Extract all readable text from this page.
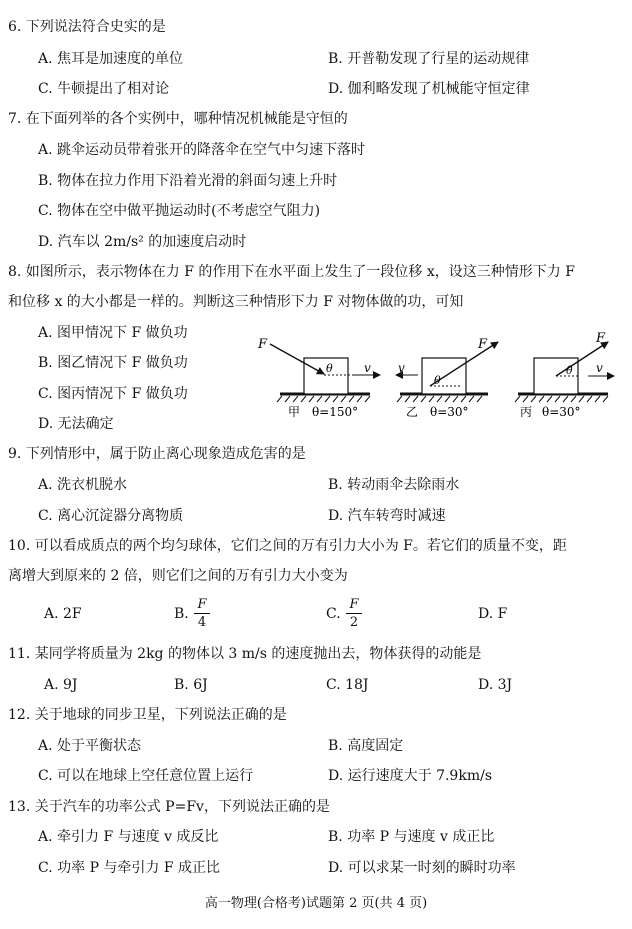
6. 下列说法符合史实的是
A. 焦耳是加速度的单位	B. 开普勒发现了行星的运动规律
C. 牛顿提出了相对论	D. 伽利略发现了机械能守恒定律
7. 在下面列举的各个实例中，哪种情况机械能是守恒的
A. 跳伞运动员带着张开的降落伞在空气中匀速下落时
B. 物体在拉力作用下沿着光滑的斜面匀速上升时
C. 物体在空中做平抛运动时(不考虑空气阻力)
D. 汽车以 2m/s² 的加速度启动时
8. 如图所示，表示物体在力 F 的作用下在水平面上发生了一段位移 x，设这三种情形下力 F
和位移 x 的大小都是一样的。判断这三种情形下力 F 对物体做的功，可知
A. 图甲情况下 F 做负功
B. 图乙情况下 F 做负功
C. 图丙情况下 F 做负功
D. 无法确定
F
θ	v
甲 θ=150°
F
θ
v
乙 θ=30°
F
θ v
丙 θ=30°
9. 下列情形中，属于防止离心现象造成危害的是
A. 洗衣机脱水	B. 转动雨伞去除雨水
C. 离心沉淀器分离物质	D. 汽车转弯时减速
10. 可以看成质点的两个均匀球体，它们之间的万有引力大小为 F。若它们的质量不变，距
离增大到原来的 2 倍，则它们之间的万有引力大小变为
A. 2F	B.
F
4
C.
F
2
D. F
11. 某同学将质量为 2kg 的物体以 3 m/s 的速度抛出去，物体获得的动能是
A. 9J	B. 6J	C. 18J	D. 3J
12. 关于地球的同步卫星，下列说法正确的是
A. 处于平衡状态	B. 高度固定
C. 可以在地球上空任意位置上运行	D. 运行速度大于 7.9km/s
13. 关于汽车的功率公式 P=Fv，下列说法正确的是
A. 牵引力 F 与速度 v 成反比	B. 功率 P 与速度 v 成正比
C. 功率 P 与牵引力 F 成正比	D. 可以求某一时刻的瞬时功率
高一物理(合格考)试题第 2 页(共 4 页)
